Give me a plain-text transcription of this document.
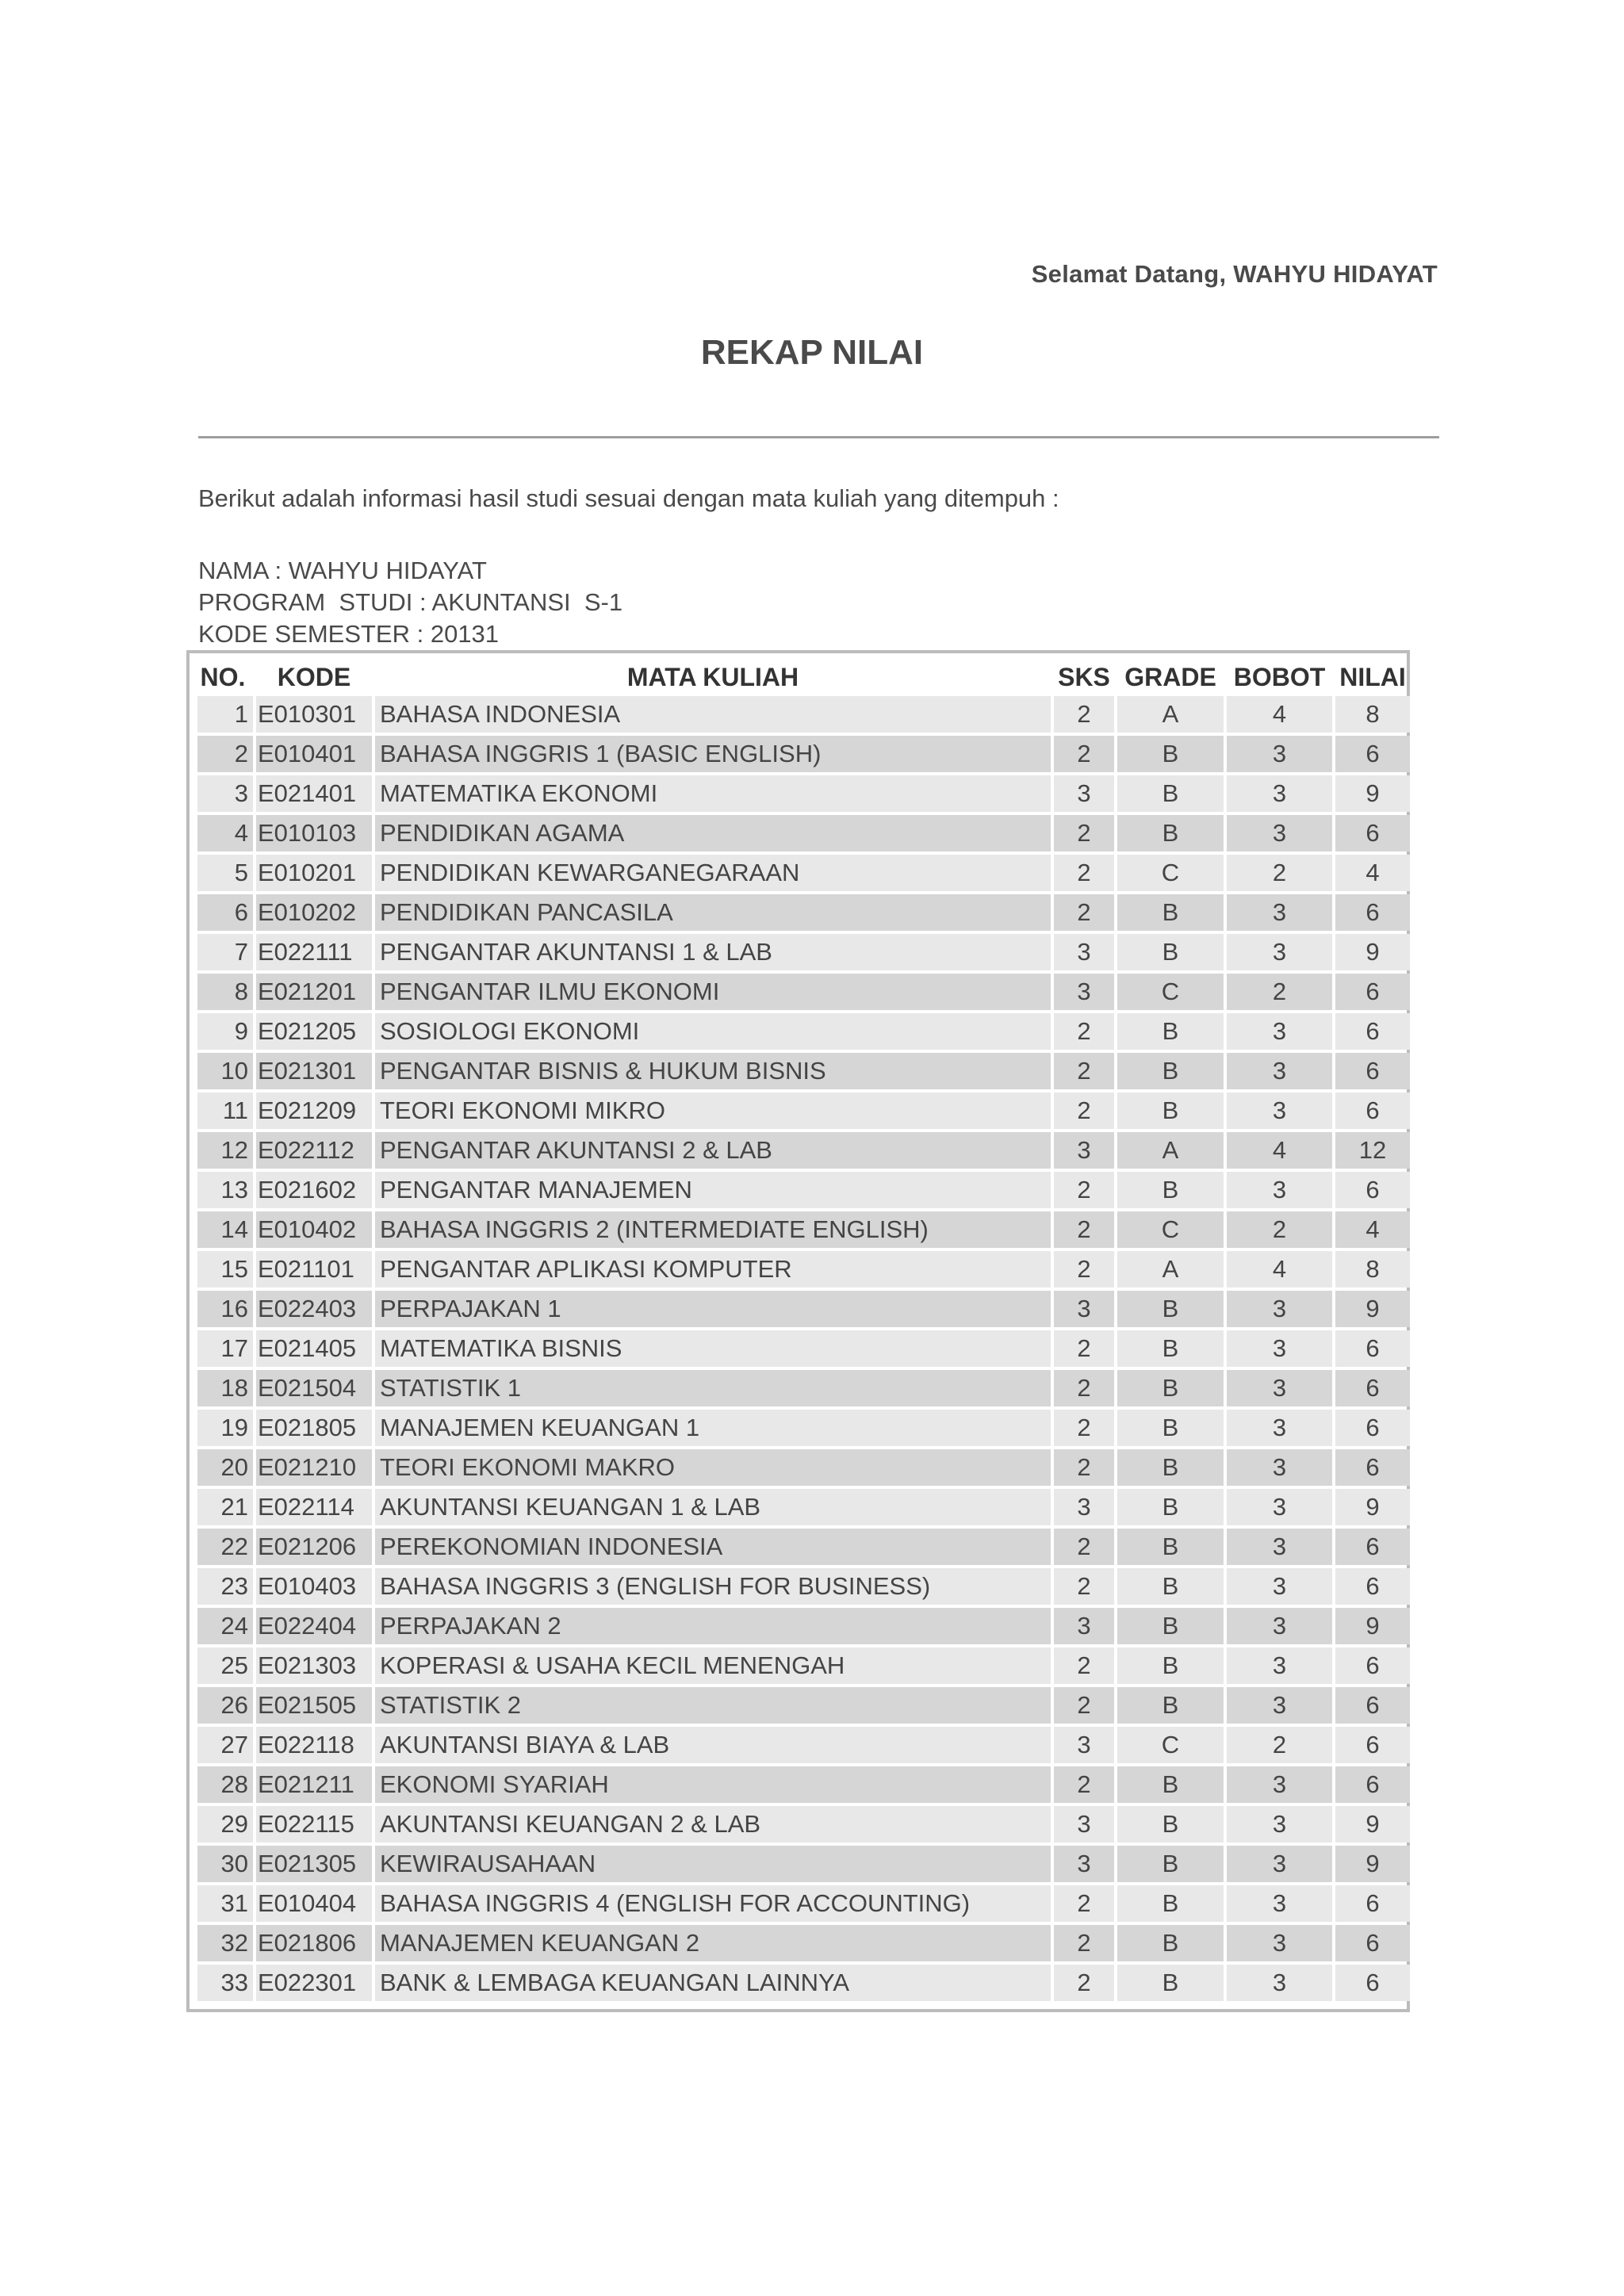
Selamat Datang, WAHYU HIDAYAT
REKAP NILAI
Berikut adalah informasi hasil studi sesuai dengan mata kuliah yang ditempuh :
NAMA : WAHYU HIDAYAT
PROGRAM  STUDI : AKUNTANSI  S-1
KODE SEMESTER : 20131
NO.	KODE	MATA KULIAH	SKS	GRADE	BOBOT	NILAI
1	E010301	BAHASA INDONESIA	2	A	4	8
2	E010401	BAHASA INGGRIS 1 (BASIC ENGLISH)	2	B	3	6
3	E021401	MATEMATIKA EKONOMI	3	B	3	9
4	E010103	PENDIDIKAN AGAMA	2	B	3	6
5	E010201	PENDIDIKAN KEWARGANEGARAAN	2	C	2	4
6	E010202	PENDIDIKAN PANCASILA	2	B	3	6
7	E022111	PENGANTAR AKUNTANSI 1 & LAB	3	B	3	9
8	E021201	PENGANTAR ILMU EKONOMI	3	C	2	6
9	E021205	SOSIOLOGI EKONOMI	2	B	3	6
10	E021301	PENGANTAR BISNIS & HUKUM BISNIS	2	B	3	6
11	E021209	TEORI EKONOMI MIKRO	2	B	3	6
12	E022112	PENGANTAR AKUNTANSI 2 & LAB	3	A	4	12
13	E021602	PENGANTAR MANAJEMEN	2	B	3	6
14	E010402	BAHASA INGGRIS 2 (INTERMEDIATE ENGLISH)	2	C	2	4
15	E021101	PENGANTAR APLIKASI KOMPUTER	2	A	4	8
16	E022403	PERPAJAKAN 1	3	B	3	9
17	E021405	MATEMATIKA BISNIS	2	B	3	6
18	E021504	STATISTIK 1	2	B	3	6
19	E021805	MANAJEMEN KEUANGAN 1	2	B	3	6
20	E021210	TEORI EKONOMI MAKRO	2	B	3	6
21	E022114	AKUNTANSI KEUANGAN 1 & LAB	3	B	3	9
22	E021206	PEREKONOMIAN INDONESIA	2	B	3	6
23	E010403	BAHASA INGGRIS 3 (ENGLISH FOR BUSINESS)	2	B	3	6
24	E022404	PERPAJAKAN 2	3	B	3	9
25	E021303	KOPERASI & USAHA KECIL MENENGAH	2	B	3	6
26	E021505	STATISTIK 2	2	B	3	6
27	E022118	AKUNTANSI BIAYA & LAB	3	C	2	6
28	E021211	EKONOMI SYARIAH	2	B	3	6
29	E022115	AKUNTANSI KEUANGAN 2 & LAB	3	B	3	9
30	E021305	KEWIRAUSAHAAN	3	B	3	9
31	E010404	BAHASA INGGRIS 4 (ENGLISH FOR ACCOUNTING)	2	B	3	6
32	E021806	MANAJEMEN KEUANGAN 2	2	B	3	6
33	E022301	BANK & LEMBAGA KEUANGAN LAINNYA	2	B	3	6
